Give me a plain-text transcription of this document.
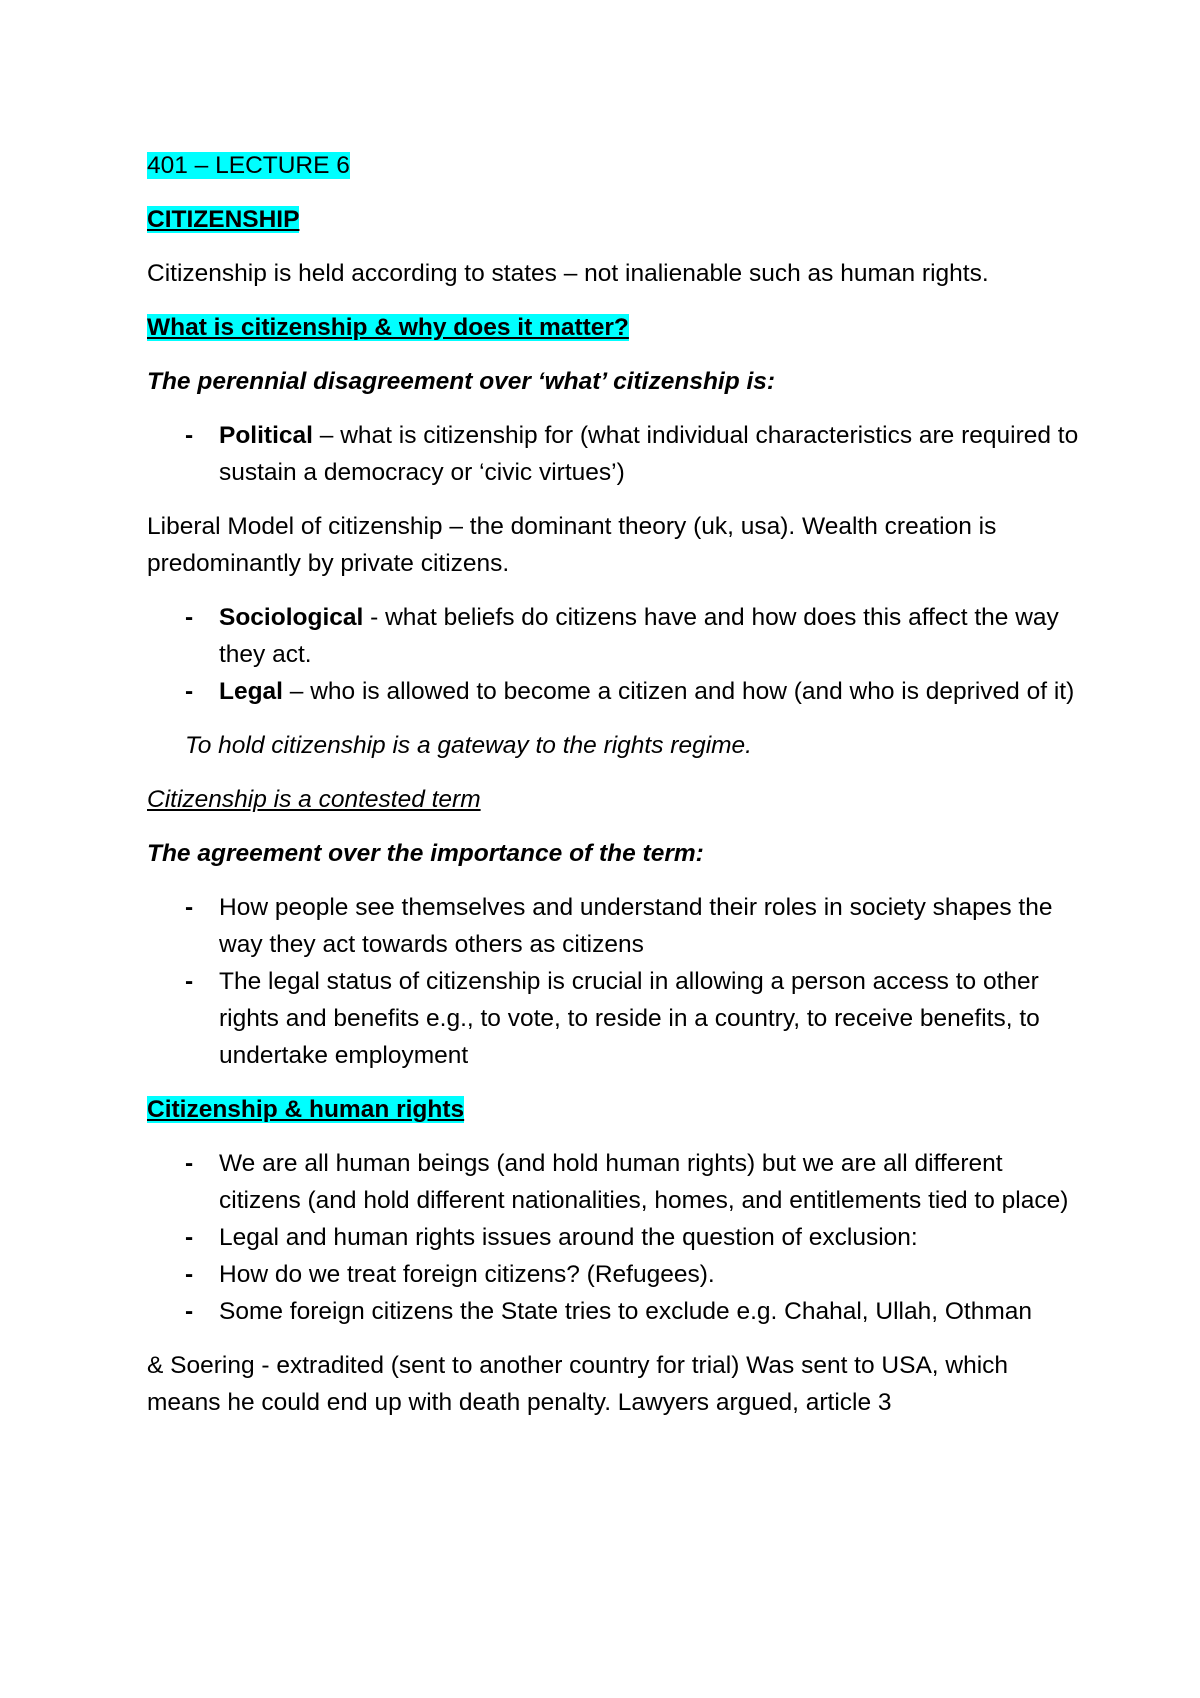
401 – LECTURE 6

CITIZENSHIP

Citizenship is held according to states – not inalienable such as human rights.

What is citizenship & why does it matter?

The perennial disagreement over ‘what’ citizenship is:

- Political – what is citizenship for (what individual characteristics are required to sustain a democracy or ‘civic virtues’)

Liberal Model of citizenship – the dominant theory (uk, usa). Wealth creation is predominantly by private citizens.

- Sociological - what beliefs do citizens have and how does this affect the way they act.
- Legal – who is allowed to become a citizen and how (and who is deprived of it)

To hold citizenship is a gateway to the rights regime.

Citizenship is a contested term

The agreement over the importance of the term:

- How people see themselves and understand their roles in society shapes the way they act towards others as citizens
- The legal status of citizenship is crucial in allowing a person access to other rights and benefits e.g., to vote, to reside in a country, to receive benefits, to undertake employment

Citizenship & human rights

- We are all human beings (and hold human rights) but we are all different citizens (and hold different nationalities, homes, and entitlements tied to place)
- Legal and human rights issues around the question of exclusion:
- How do we treat foreign citizens? (Refugees).
- Some foreign citizens the State tries to exclude e.g. Chahal, Ullah, Othman

& Soering - extradited (sent to another country for trial) Was sent to USA, which means he could end up with death penalty. Lawyers argued, article 3
